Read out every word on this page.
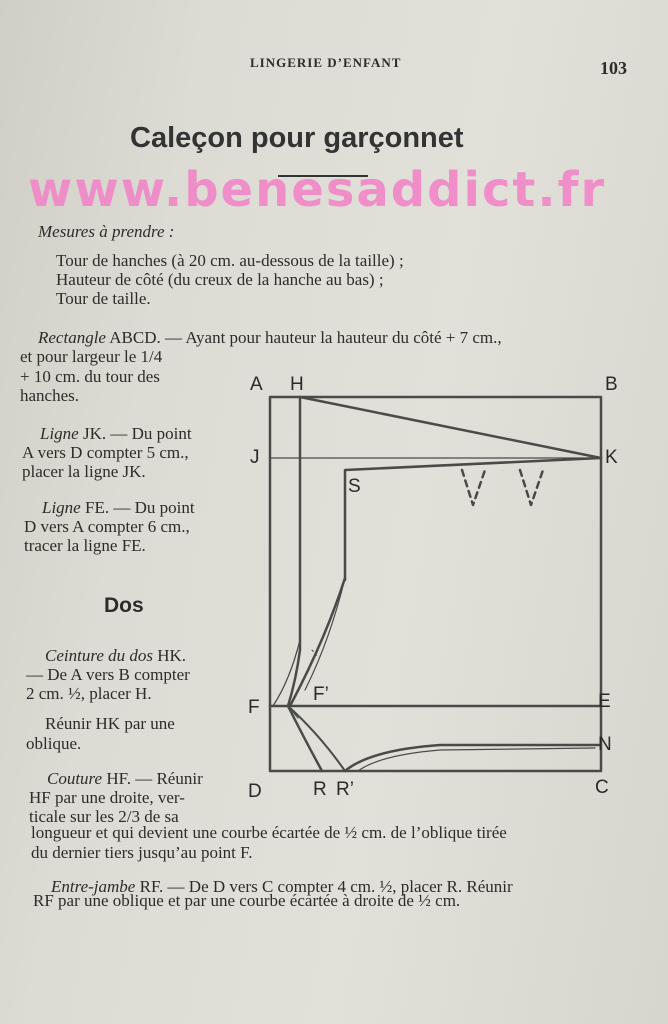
LINGERIE D’ENFANT	103
Caleçon pour garçonnet
www.benesaddict.fr
Mesures à prendre :
Tour de hanches (à 20 cm. au-dessous de la taille) ;
Hauteur de côté (du creux de la hanche au bas) ;
Tour de taille.
Rectangle ABCD. — Ayant pour hauteur la hauteur du côté + 7 cm.,
et pour largeur le 1/4
+ 10 cm. du tour des
hanches.
Ligne JK. — Du point
A vers D compter 5 cm.,
placer la ligne JK.
Ligne FE. — Du point
D vers A compter 6 cm.,
tracer la ligne FE.
Dos
Ceinture du dos HK.
— De A vers B compter
2 cm. ½, placer H.
Réunir HK par une
oblique.
Couture HF. — Réunir
HF par une droite, ver-
ticale sur les 2/3 de sa
longueur et qui devient une courbe écartée de ½ cm. de l’oblique tirée
du dernier tiers jusqu’au point F.
Entre-jambe RF. — De D vers C compter 4 cm. ½, placer R. Réunir
RF par une oblique et par une courbe écartée à droite de ½ cm.
A H	B
J	K
S
F
F’	E
N
D	R R’	C
